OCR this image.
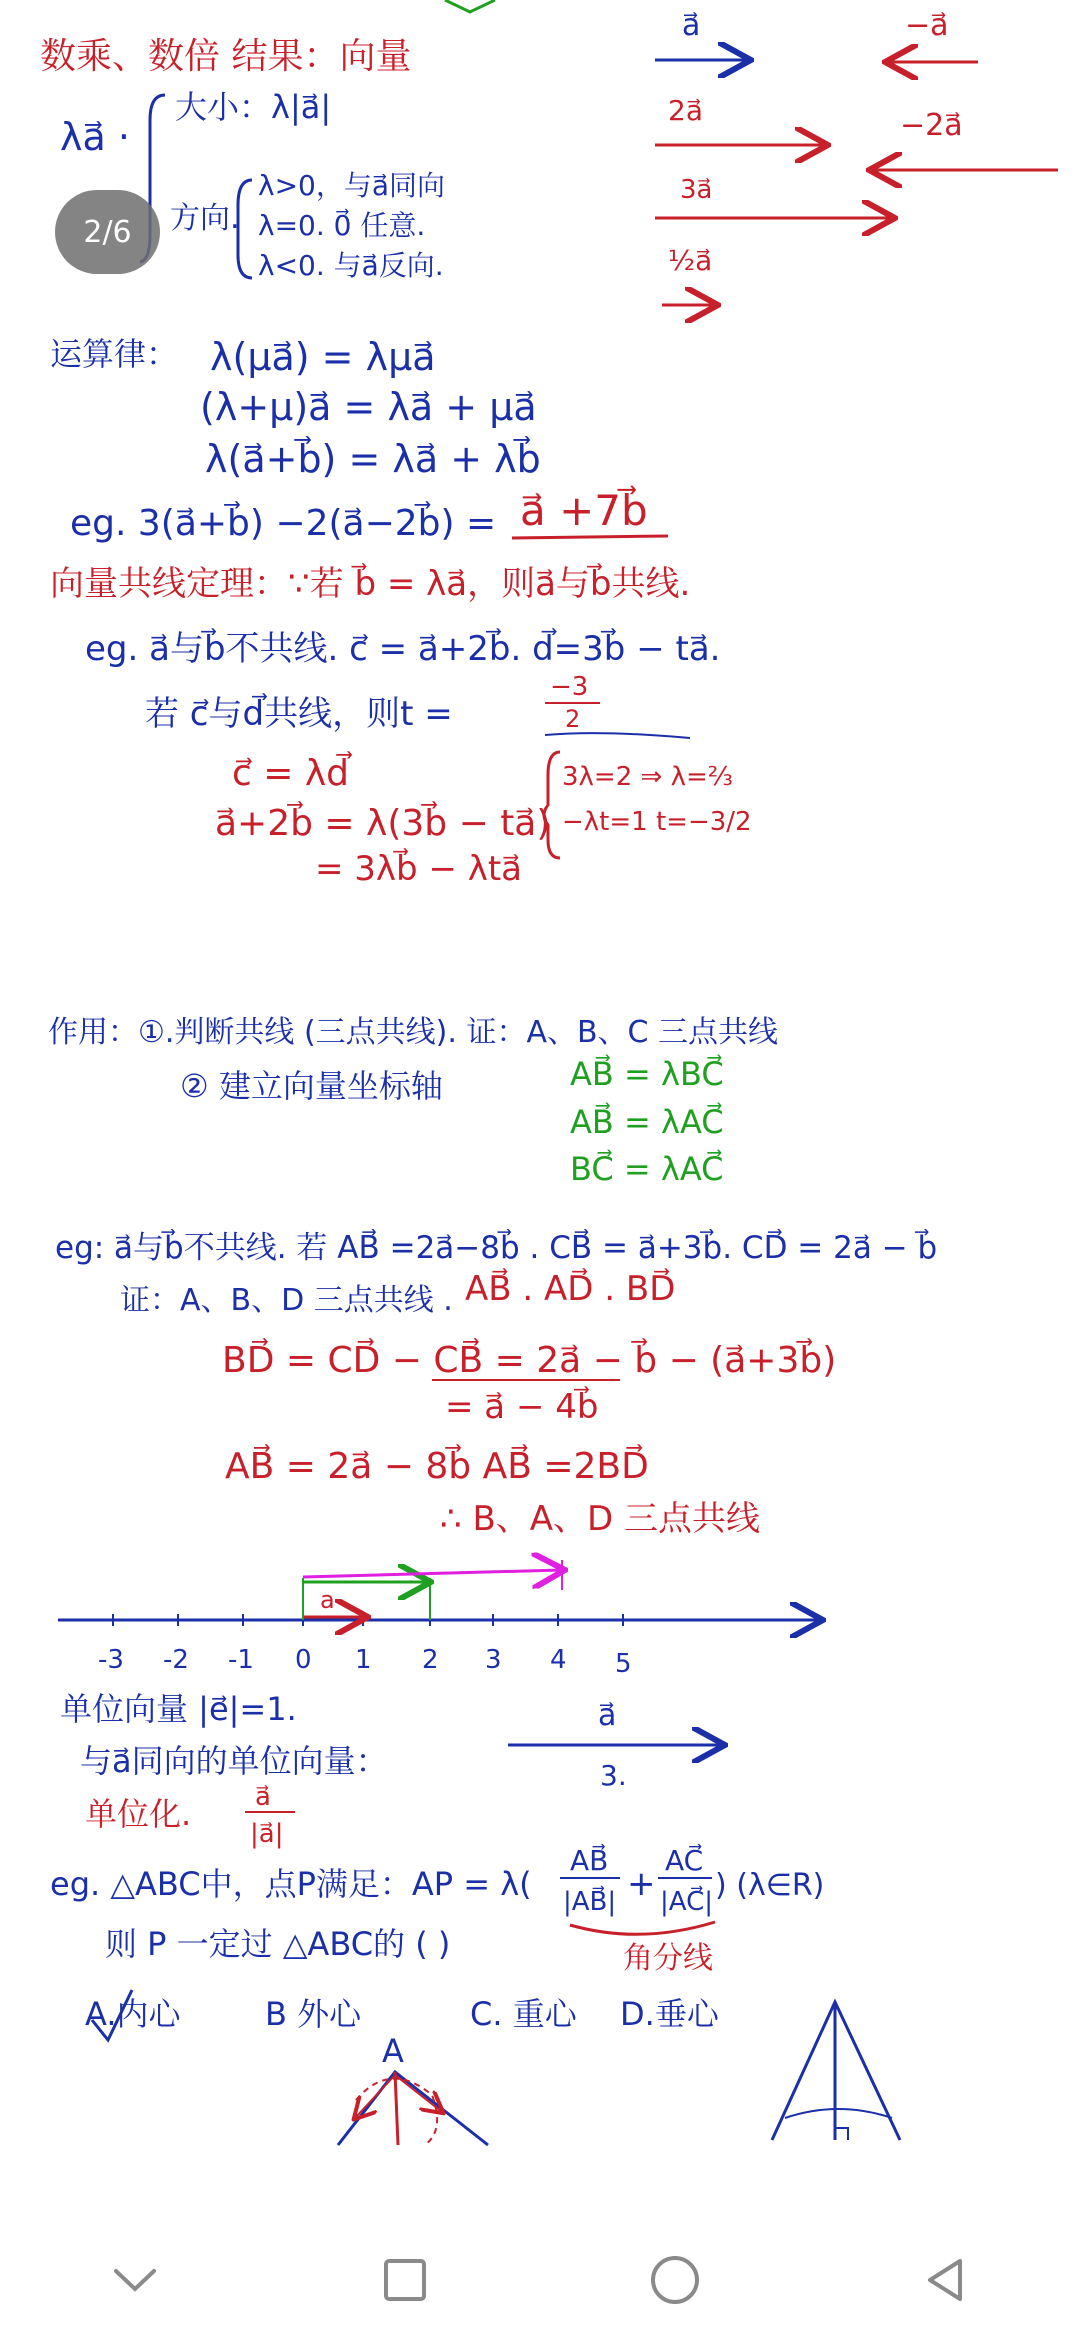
数乘、数倍 结果：向量
λa⃗ ·
大小：λ|a⃗|
方向.
λ>0，与a⃗同向
λ=0. 0⃗ 任意.
λ<0. 与a⃗反向.
a⃗	−a⃗
2a⃗	−2a⃗
3a⃗
½a⃗
运算律： λ(μa⃗) = λμa⃗
(λ+μ)a⃗ = λa⃗ + μa⃗
λ(a⃗+b⃗) = λa⃗ + λb⃗
eg. 3(a⃗+b⃗) −2(a⃗−2b⃗) = a⃗ +7b⃗
向量共线定理：∵若 b⃗ = λa⃗，则a⃗与b⃗共线.
eg. a⃗与b⃗不共线. c⃗ = a⃗+2b⃗. d⃗=3b⃗ − ta⃗.
若 c⃗与d⃗共线，则t =
−3
2
c⃗ = λd⃗
a⃗+2b⃗ = λ(3b⃗ − ta⃗)
= 3λb⃗ − λta⃗
3λ=2 ⇒ λ=⅔
−λt=1 t=−3/2
作用：①.判断共线 (三点共线). 证：A、B、C 三点共线
② 建立向量坐标轴	AB⃗ = λBC⃗
AB⃗ = λAC⃗
BC⃗ = λAC⃗
eg: a⃗与b⃗不共线. 若 AB⃗ =2a⃗−8b⃗ . CB⃗ = a⃗+3b⃗. CD⃗ = 2a⃗ − b⃗
证：A、B、D 三点共线 . AB⃗ . AD⃗ . BD⃗
BD⃗ = CD⃗ − CB⃗ = 2a⃗ − b⃗ − (a⃗+3b⃗)
= a⃗ − 4b⃗
AB⃗ = 2a⃗ − 8b⃗ AB⃗ =2BD⃗
∴ B、A、D 三点共线
-3 -2 -1 0 1 2 3 4 5
a
单位向量 |e⃗|=1.
与a⃗同向的单位向量：
单位化. a⃗
|a⃗|
a⃗
3.
eg. △ABC中，点P满足：AP = λ(
AB⃗
|AB⃗| +
AC⃗
|AC⃗| ) (λ∈R)
则 P 一定过 △ABC的 ( )	角分线
A.内心	B 外心	C. 重心 D.垂心
A
2/6
